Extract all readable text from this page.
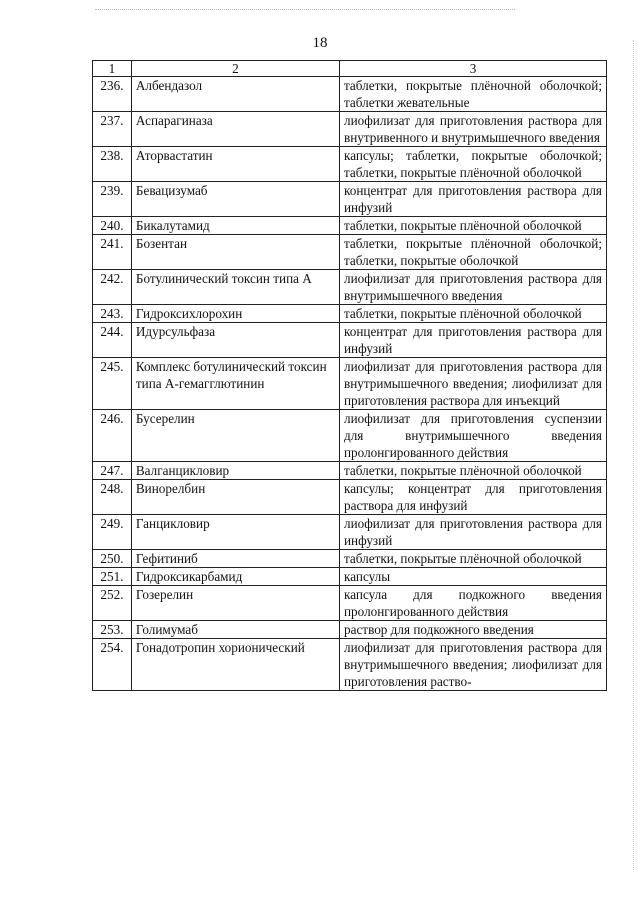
18
1	2	3
236.	Албендазол	таблетки, покрытые плёночной оболочкой; таблетки жевательные
237.	Аспарагиназа	лиофилизат для приготовления раствора для внутривенного и внутримышечного введения
238.	Аторвастатин	капсулы; таблетки, покрытые оболочкой; таблетки, покрытые плёночной оболочкой
239.	Бевацизумаб	концентрат для приготовления раствора для инфузий
240.	Бикалутамид	таблетки, покрытые плёночной оболочкой
241.	Бозентан	таблетки, покрытые плёночной оболочкой; таблетки, покрытые оболочкой
242.	Ботулинический токсин типа А	лиофилизат для приготовления раствора для внутримышечного введения
243.	Гидроксихлорохин	таблетки, покрытые плёночной оболочкой
244.	Идурсульфаза	концентрат для приготовления раствора для инфузий
245.	Комплекс ботулинический токсин типа А-гемагглютинин	лиофилизат для приготовления раствора для внутримышечного введения; лиофилизат для приготовления раствора для инъекций
246.	Бусерелин	лиофилизат для приготовления суспензии для внутримышечного введения пролонгированного действия
247.	Валганцикловир	таблетки, покрытые плёночной оболочкой
248.	Винорелбин	капсулы; концентрат для приготовления раствора для инфузий
249.	Ганцикловир	лиофилизат для приготовления раствора для инфузий
250.	Гефитиниб	таблетки, покрытые плёночной оболочкой
251.	Гидроксикарбамид	капсулы
252.	Гозерелин	капсула для подкожного введения пролонгированного действия
253.	Голимумаб	раствор для подкожного введения
254.	Гонадотропин хорионический	лиофилизат для приготовления раствора для внутримышечного введения; лиофилизат для приготовления раство-
